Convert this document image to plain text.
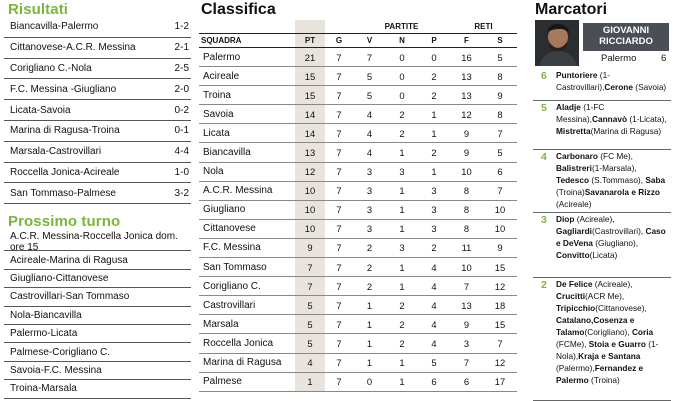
Risultati
Biancavilla-Palermo	1-2
Cittanovese-A.C.R. Messina	2-1
Corigliano C.-Nola	2-5
F.C. Messina -Giugliano	2-0
Licata-Savoia	0-2
Marina di Ragusa-Troina	0-1
Marsala-Castrovillari	4-4
Roccella Jonica-Acireale	1-0
San Tommaso-Palmese	3-2
Prossimo turno
A.C.R. Messina-Roccella Jonica dom. ore 15
Acireale-Marina di Ragusa
Giugliano-Cittanovese
Castrovillari-San Tommaso
Nola-Biancavilla
Palermo-Licata
Palmese-Corigliano C.
Savoia-F.C. Messina
Troina-Marsala
Classifica
			PARTITE			RETI	
SQUADRA	PT	G	V	N	P	F	S
Palermo	21	7	7	0	0	16	5
Acireale	15	7	5	0	2	13	8
Troina	15	7	5	0	2	13	9
Savoia	14	7	4	2	1	12	8
Licata	14	7	4	2	1	9	7
Biancavilla	13	7	4	1	2	9	5
Nola	12	7	3	3	1	10	6
A.C.R. Messina	10	7	3	1	3	8	7
Giugliano	10	7	3	1	3	8	10
Cittanovese	10	7	3	1	3	8	10
F.C. Messina	9	7	2	3	2	11	9
San Tommaso	7	7	2	1	4	10	15
Corigliano C.	7	7	2	1	4	7	12
Castrovillari	5	7	1	2	4	13	18
Marsala	5	7	1	2	4	9	15
Roccella Jonica	5	7	1	2	4	3	7
Marina di Ragusa	4	7	1	1	5	7	12
Palmese	1	7	0	1	6	6	17
Marcatori
GIOVANNI
RICCIARDO
Palermo	6
6 Puntoriere (1-Castrovillari),Cerone (Savoia)
5 Aladje (1-FC Messina),Cannavò (1-Licata), Mistretta(Marina di Ragusa)
4 Carbonaro (FC Me), Balistreri(1-Marsala), Tedesco (S.Tommaso), Saba (Troina)Savanarola e Rizzo (Acireale)
3 Diop (Acireale), Gagliardi(Castrovillari), Caso e DeVena (Giugliano), Convitto(Licata)
2 De Felice (Acireale), Crucitti(ACR Me), Tripicchio(Cittanovese), Catalano,Cosenza e Talamo(Corigliano), Coria (FCMe), Stoia e Guarro (1-Nola),Kraja e Santana (Palermo),Fernandez e Palermo (Troina)
